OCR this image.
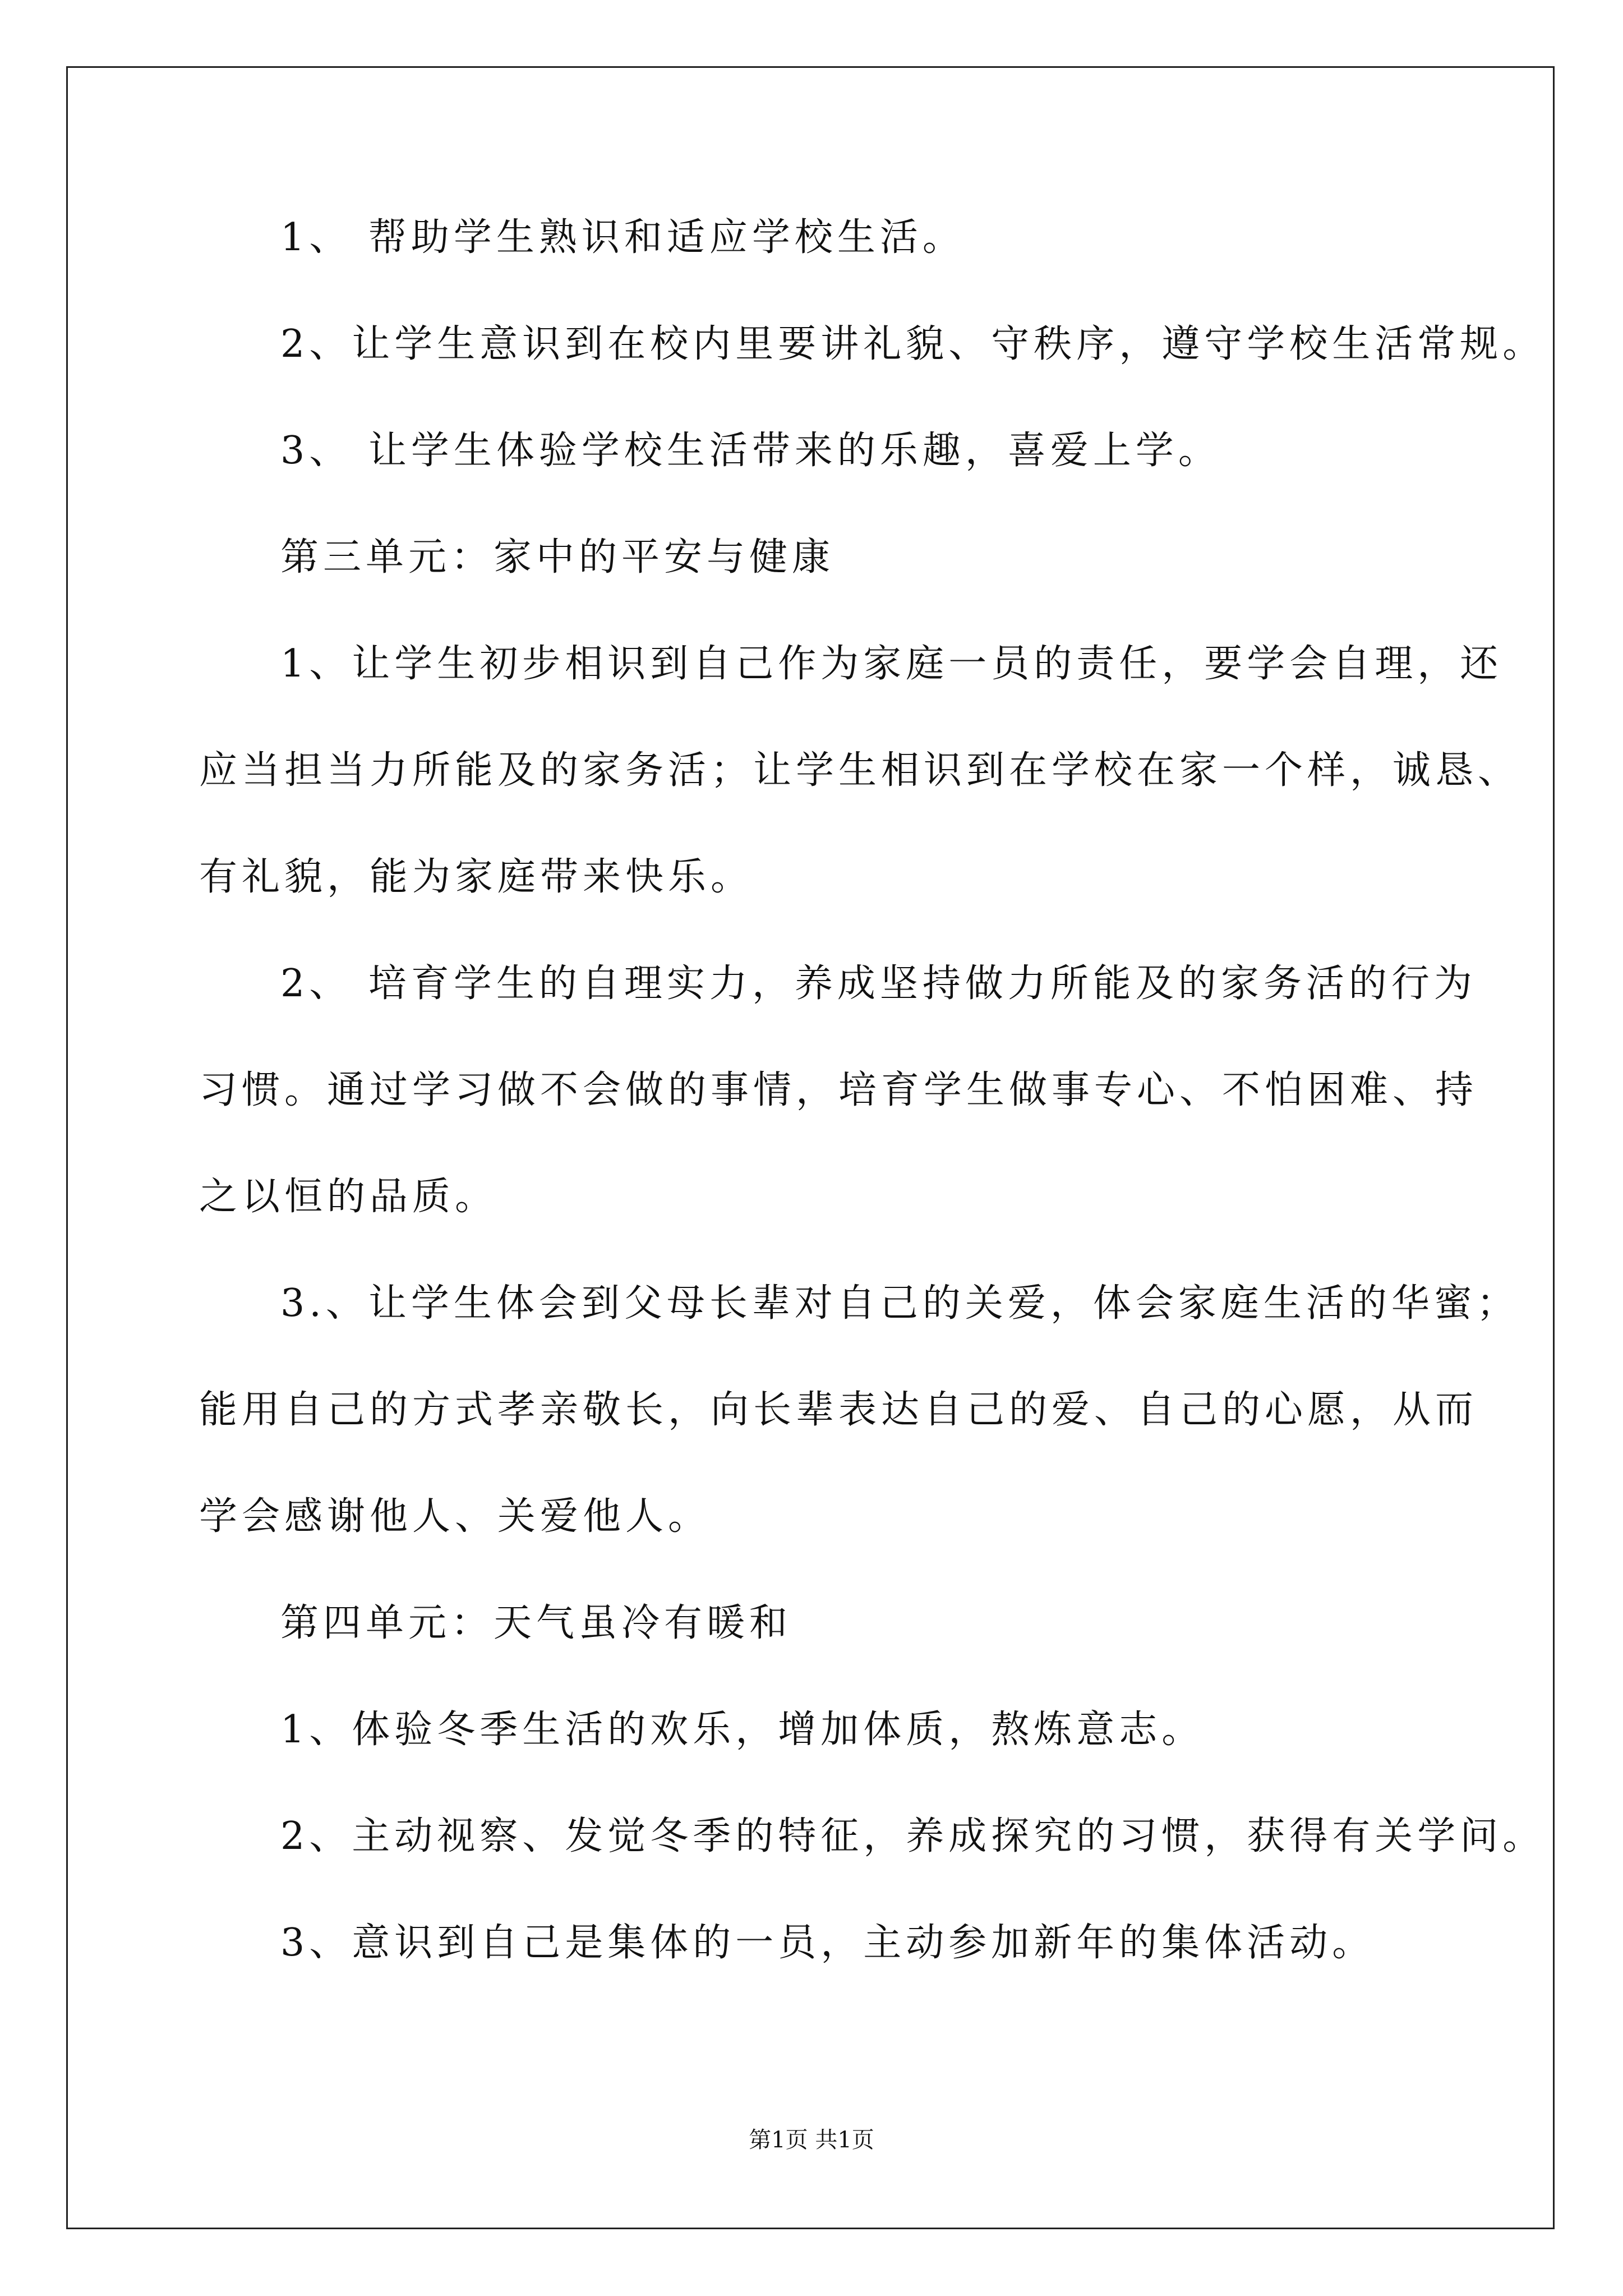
1、 帮助学生熟识和适应学校生活。
2、让学生意识到在校内里要讲礼貌、守秩序，遵守学校生活常规。
3、 让学生体验学校生活带来的乐趣，喜爱上学。
第三单元：家中的平安与健康
1、让学生初步相识到自己作为家庭一员的责任，要学会自理，还
应当担当力所能及的家务活；让学生相识到在学校在家一个样，诚恳、
有礼貌，能为家庭带来快乐。
2、 培育学生的自理实力，养成坚持做力所能及的家务活的行为
习惯。通过学习做不会做的事情，培育学生做事专心、不怕困难、持
之以恒的品质。
3.、让学生体会到父母长辈对自己的关爱，体会家庭生活的华蜜；
能用自己的方式孝亲敬长，向长辈表达自己的爱、自己的心愿，从而
学会感谢他人、关爱他人。
第四单元：天气虽冷有暖和
1、体验冬季生活的欢乐，增加体质，熬炼意志。
2、主动视察、发觉冬季的特征，养成探究的习惯，获得有关学问。
3、意识到自己是集体的一员，主动参加新年的集体活动。
第1页 共1页
